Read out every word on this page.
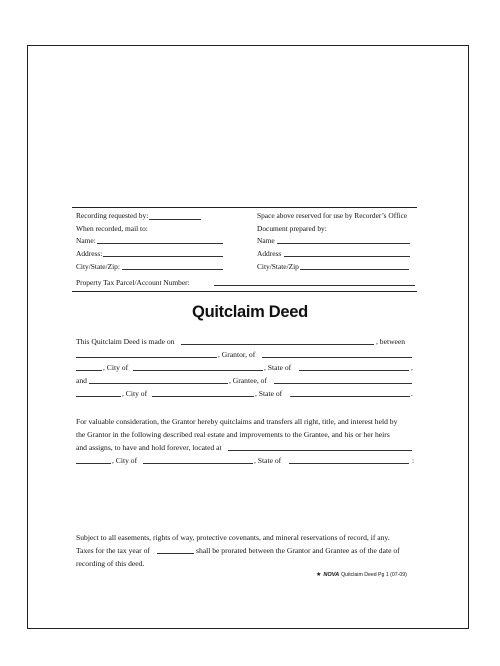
Recording requested by:	Space above reserved for use by Recorder’s Office
When recorded, mail to:	Document prepared by:
Name:	Name
Address:	Address
City/State/Zip:	City/State/Zip
Property Tax Parcel/Account Number:
Quitclaim Deed
This Quitclaim Deed is made on	, between
, Grantor, of
, City of	, State of	,
and	, Grantee, of
, City of	, State of	.
For valuable consideration, the Grantor hereby quitclaims and transfers all right, title, and interest held by
the Grantor in the following described real estate and improvements to the Grantee, and his or her heirs
and assigns, to have and hold forever, located at
, City of	, State of	:
Subject to all easements, rights of way, protective covenants, and mineral reservations of record, if any.
Taxes for the tax year of	shall be prorated between the Grantor and Grantee as of the date of
recording of this deed.
★ NOVA Quitclaim Deed Pg 1 (07-09)
